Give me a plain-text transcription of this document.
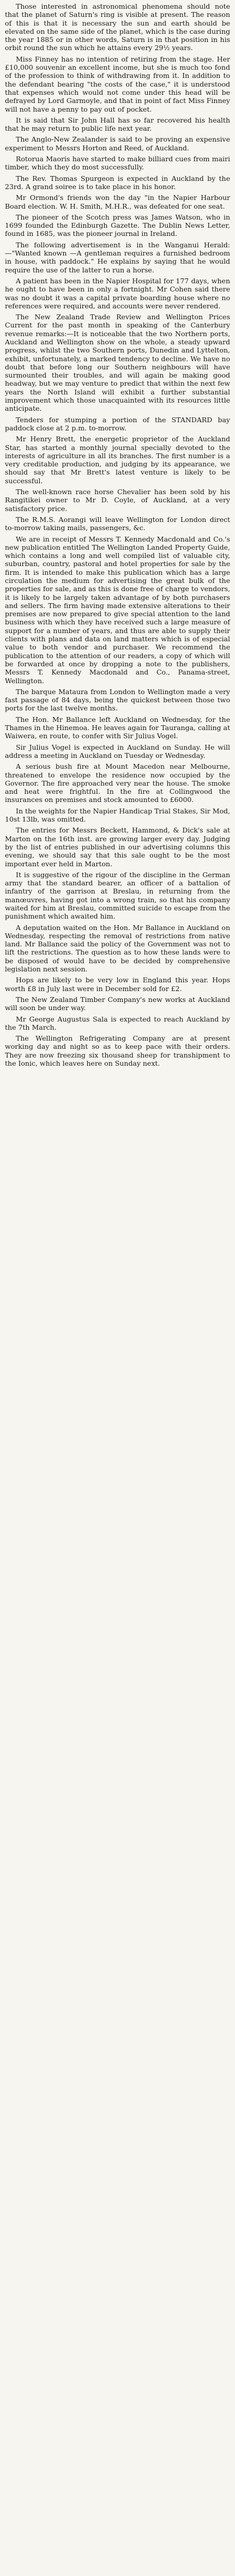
Those interested in astronomical phenomena should note that the planet of Saturn's ring is visible at present. The reason of this is that it is necessary the sun and earth should be elevated on the same side of the planet, which is the case during the year 1885 or in other words, Saturn is in that position in his orbit round the sun which he attains every 29½ years.

Miss Finney has no intention of retiring from the stage. Her £10,000 souvenir an excellent income, but she is much too fond of the profession to think of withdrawing from it. In addition to the defendant bearing "the costs of the case," it is understood that expenses which would not come under this head will be defrayed by Lord Garmoyle, and that in point of fact Miss Finney will not have a penny to pay out of pocket.

It is said that Sir John Hall has so far recovered his health that he may return to public life next year.

The Anglo-New Zealander is said to be proving an expensive experiment to Messrs Horton and Reed, of Auckland.

Rotorua Maoris have started to make billiard cues from mairi timber, which they do most successfully.

The Rev. Thomas Spurgeon is expected in Auckland by the 23rd. A grand soiree is to take place in his honor.

Mr Ormond's friends won the day "in the Napier Harbour Board election. W. H. Smith, M.H.R., was defeated for one seat.

The pioneer of the Scotch press was James Watson, who in 1699 founded the Edinburgh Gazette. The Dublin News Letter, found in 1685, was the pioneer journal in Ireland.

The following advertisement is in the Wanganui Herald:—"Wanted known —A gentleman requires a furnished bedroom in house, with paddock." He explains by saying that he would require the use of the latter to run a horse.

A patient has been in the Napier Hospital for 177 days, when he ought to have been in only a fortnight. Mr Cohen said there was no doubt it was a capital private boarding house where no references were required, and accounts were never rendered.

The New Zealand Trade Review and Wellington Prices Current for the past month in speaking of the Canterbury revenue remarks:—It is noticeable that the two Northern ports, Auckland and Wellington show on the whole, a steady upward progress, whilst the two Southern ports, Dunedin and Lyttelton, exhibit, unfortunately, a marked tendency to decline. We have no doubt that before long our Southern neighbours will have surmounted their troubles, and will again be making good headway, but we may venture to predict that within the next few years the North Island will exhibit a further substantial improvement which those unacquainted with its resources little anticipate.

Tenders for stumping a portion of the STANDARD bay paddock close at 2 p.m. to-morrow.

Mr Henry Brett, the energetic proprietor of the Auckland Star, has started a monthly journal specially devoted to the interests of agriculture in all its branches. The first number is a very creditable production, and judging by its appearance, we should say that Mr Brett's latest venture is likely to be successful.

The well-known race horse Chevalier has been sold by his Rangitikei owner to Mr D. Coyle, of Auckland, at a very satisfactory price.

The R.M.S. Aorangi will leave Wellington for London direct to-morrow taking mails, passengers, &c.

We are in receipt of Messrs T. Kennedy Macdonald and Co.'s new publication entitled The Wellington Landed Property Guide, which contains a long and well compiled list of valuable city, suburban, country, pastoral and hotel properties for sale by the firm. It is intended to make this publication which has a large circulation the medium for advertising the great bulk of the properties for sale, and as this is done free of charge to vendors, it is likely to be largely taken advantage of by both purchasers and sellers. The firm having made extensive alterations to their premises are now prepared to give special attention to the land business with which they have received such a large measure of support for a number of years, and thus are able to supply their clients with plans and data on land matters which is of especial value to both vendor and purchaser. We recommend the publication to the attention of our readers, a copy of which will be forwarded at once by dropping a note to the publishers, Messrs T. Kennedy Macdonald and Co., Panama-street, Wellington.

The barque Mataura from London to Wellington made a very fast passage of 84 days, being the quickest between those two ports for the last twelve months.

The Hon. Mr Ballance left Auckland on Wednesday, for the Thames in the Hinemoa. He leaves again for Tauranga, calling at Waiwera, en route, to confer with Sir Julius Vogel.

Sir Julius Vogel is expected in Auckland on Sunday. He will address a meeting in Auckland on Tuesday or Wednesday.

A serious bush fire at Mount Macedon near Melbourne, threatened to envelope the residence now occupied by the Governor. The fire approached very near the house. The smoke and heat were frightful. In the fire at Collingwood the insurances on premises and stock amounted to £6000.

In the weights for the Napier Handicap Trial Stakes, Sir Mod, 10st 13lb, was omitted.

The entries for Messrs Beckett, Hammond, & Dick's sale at Marton on the 16th inst. are growing larger every day. Judging by the list of entries published in our advertising columns this evening, we should say that this sale ought to be the most important ever held in Marton.

It is suggestive of the rigour of the discipline in the German army that the standard bearer, an officer of a battalion of infantry of the garrison at Breslau, in returning from the manœuvres, having got into a wrong train, so that his company waited for him at Breslau, committed suicide to escape from the punishment which awaited him.

A deputation waited on the Hon. Mr Ballance in Auckland on Wednesday, respecting the removal of restrictions from native land. Mr Ballance said the policy of the Government was not to lift the restrictions. The question as to how these lands were to be disposed of would have to be decided by comprehensive legislation next session.

Hops are likely to be very low in England this year. Hops worth £8 in July last were in December sold for £2.

The New Zealand Timber Company's new works at Auckland will soon be under way.

Mr George Augustus Sala is expected to reach Auckland by the 7th March.

The Wellington Refrigerating Company are at present working day and night so as to keep pace with their orders. They are now freezing six thousand sheep for transhipment to the Ionic, which leaves here on Sunday next.
